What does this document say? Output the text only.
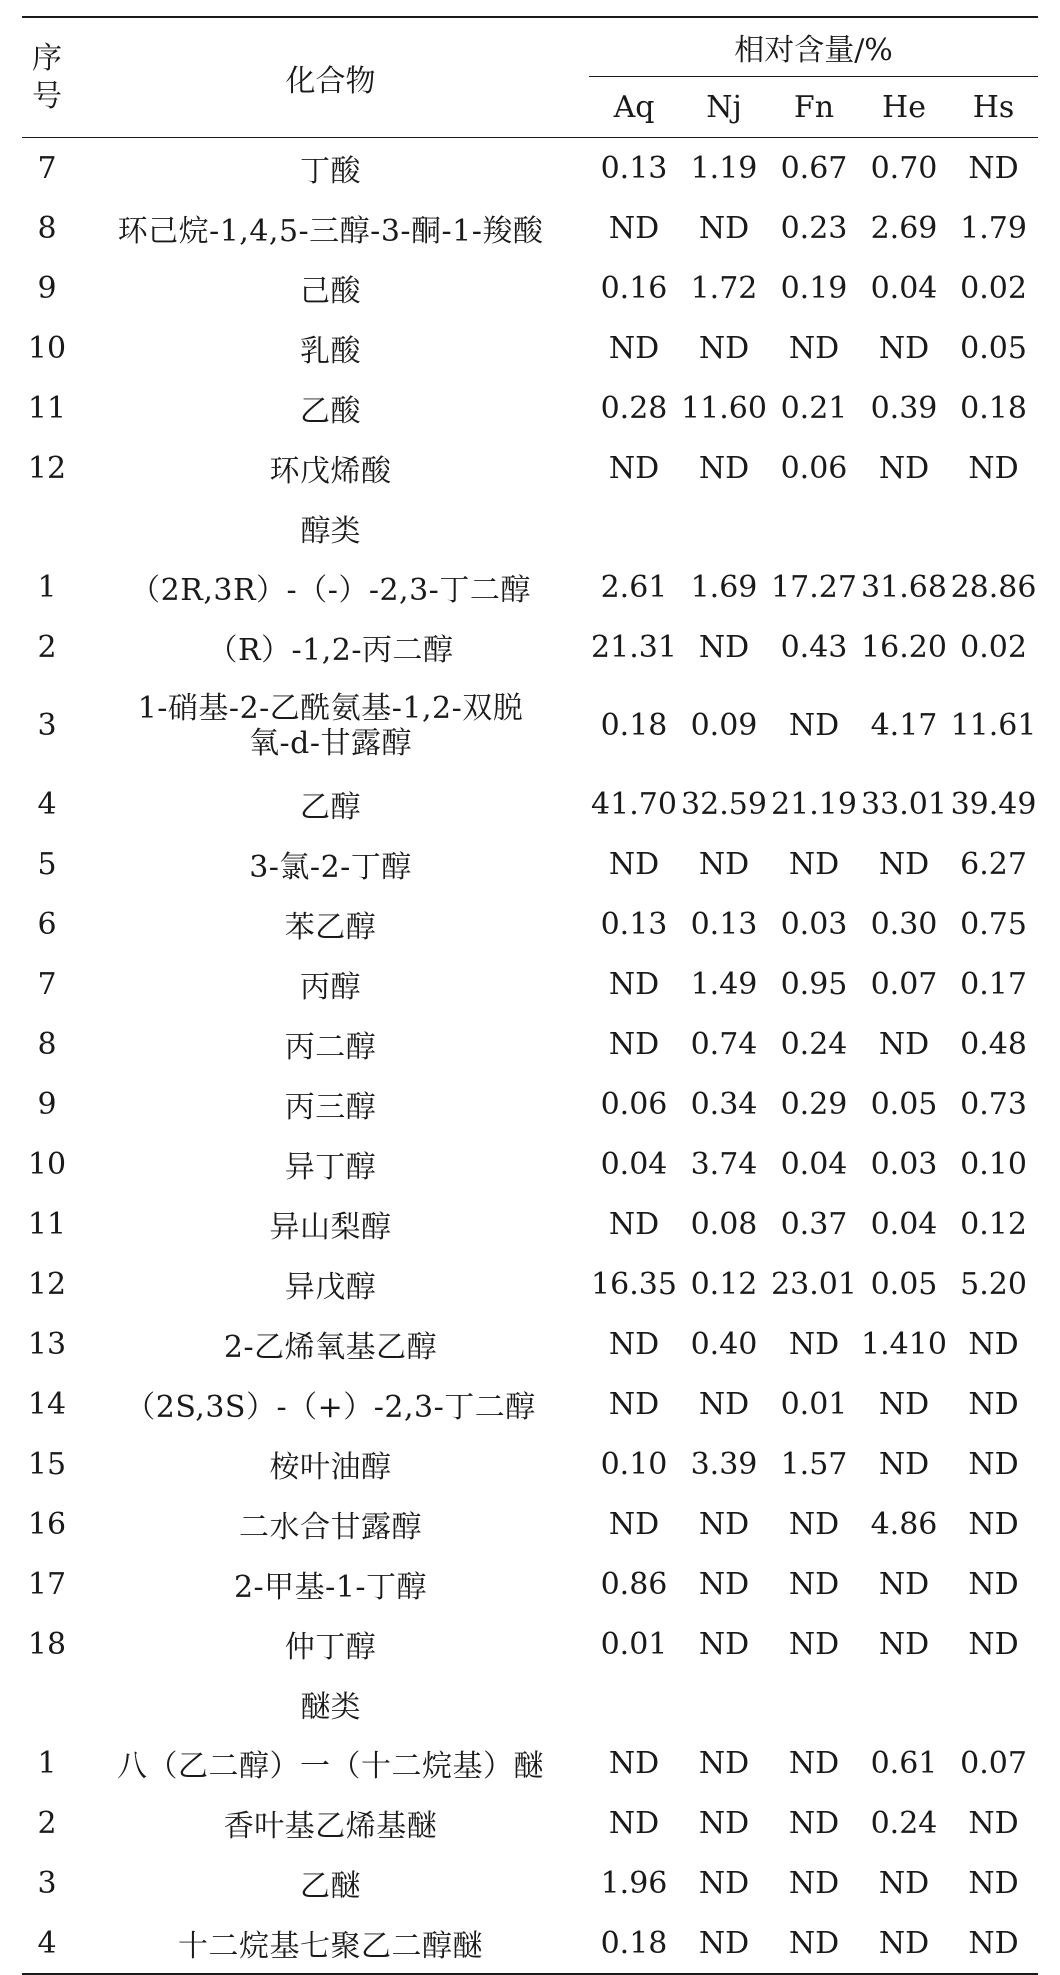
序号	化合物	相对含量/%				
		Aq	Nj	Fn	He	Hs
7	丁酸	0.13	1.19	0.67	0.70	ND
8	环己烷-1,4,5-三醇-3-酮-1-羧酸	ND	ND	0.23	2.69	1.79
9	己酸	0.16	1.72	0.19	0.04	0.02
10	乳酸	ND	ND	ND	ND	0.05
11	乙酸	0.28	11.60	0.21	0.39	0.18
12	环戊烯酸	ND	ND	0.06	ND	ND
	醇类					
1	（2R,3R）-（-）-2,3-丁二醇	2.61	1.69	17.27	31.68	28.86
2	（R）-1,2-丙二醇	21.31	ND	0.43	16.20	0.02
3	1-硝基-2-乙酰氨基-1,2-双脱氧-d-甘露醇	0.18	0.09	ND	4.17	11.61
4	乙醇	41.70	32.59	21.19	33.01	39.49
5	3-氯-2-丁醇	ND	ND	ND	ND	6.27
6	苯乙醇	0.13	0.13	0.03	0.30	0.75
7	丙醇	ND	1.49	0.95	0.07	0.17
8	丙二醇	ND	0.74	0.24	ND	0.48
9	丙三醇	0.06	0.34	0.29	0.05	0.73
10	异丁醇	0.04	3.74	0.04	0.03	0.10
11	异山梨醇	ND	0.08	0.37	0.04	0.12
12	异戊醇	16.35	0.12	23.01	0.05	5.20
13	2-乙烯氧基乙醇	ND	0.40	ND	1.410	ND
14	（2S,3S）-（+）-2,3-丁二醇	ND	ND	0.01	ND	ND
15	桉叶油醇	0.10	3.39	1.57	ND	ND
16	二水合甘露醇	ND	ND	ND	4.86	ND
17	2-甲基-1-丁醇	0.86	ND	ND	ND	ND
18	仲丁醇	0.01	ND	ND	ND	ND
	醚类					
1	八（乙二醇）一（十二烷基）醚	ND	ND	ND	0.61	0.07
2	香叶基乙烯基醚	ND	ND	ND	0.24	ND
3	乙醚	1.96	ND	ND	ND	ND
4	十二烷基七聚乙二醇醚	0.18	ND	ND	ND	ND
